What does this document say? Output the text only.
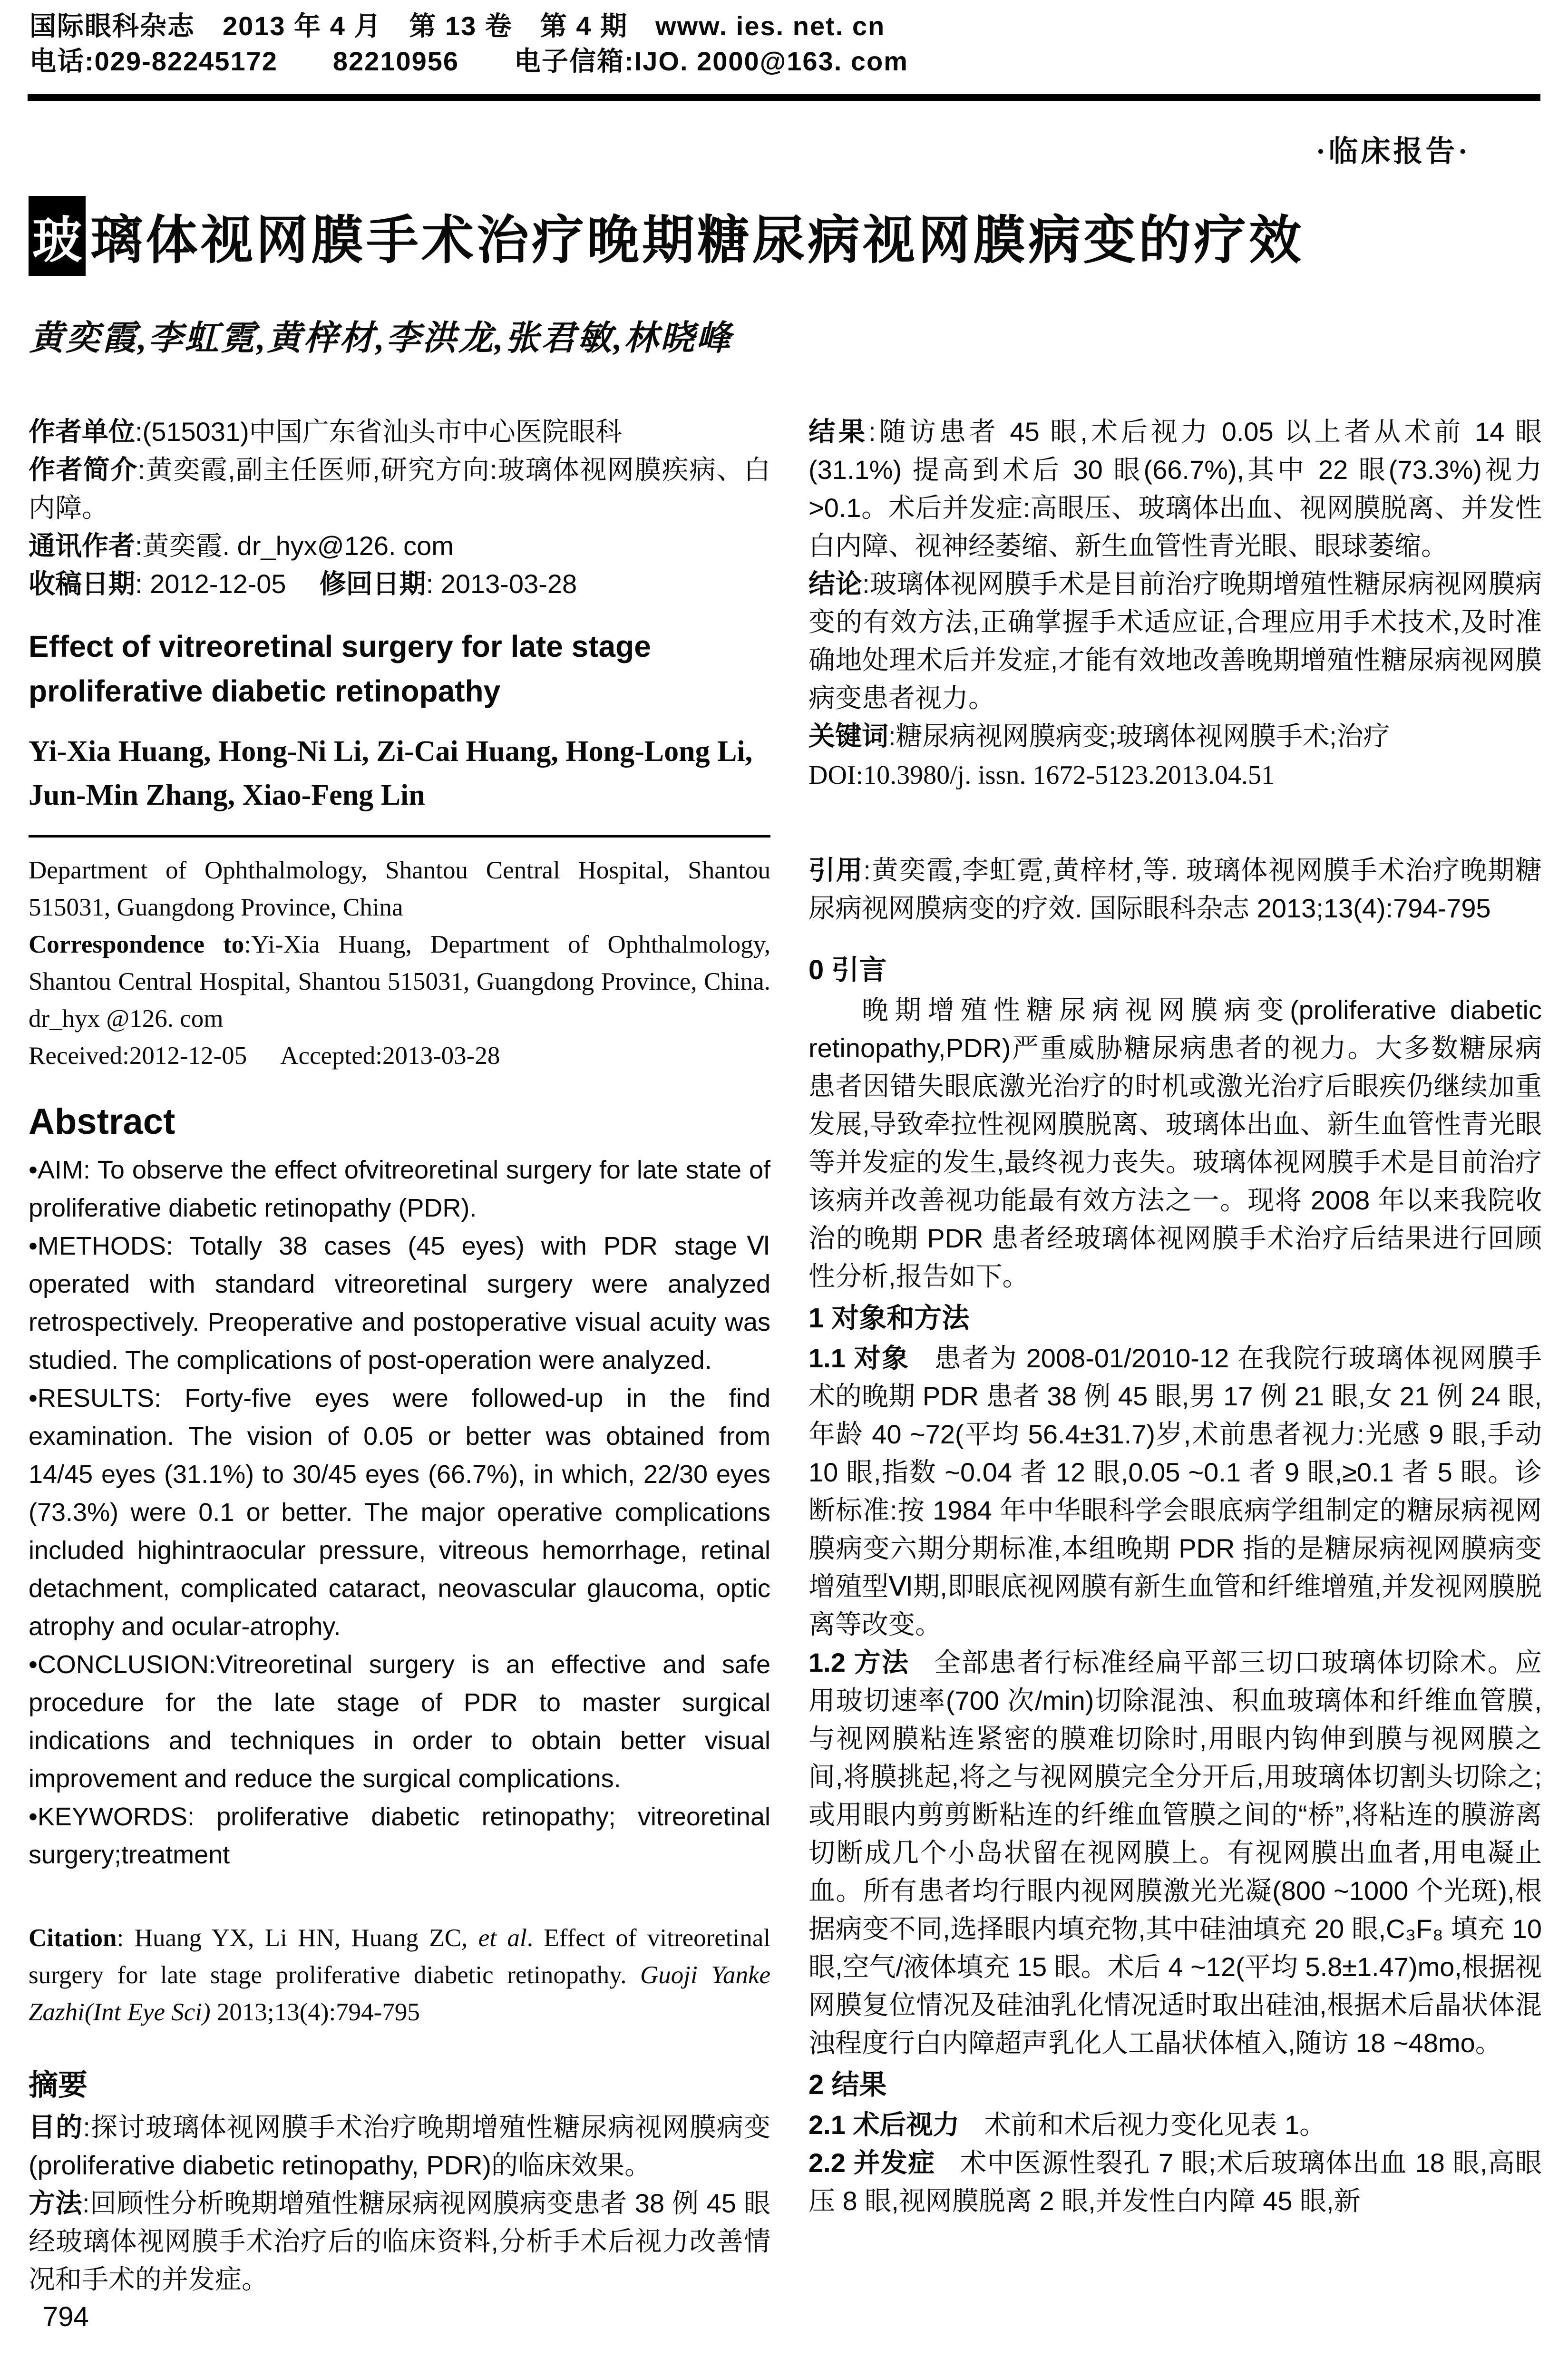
国际眼科杂志　2013 年 4 月　第 13 卷　第 4 期　www. ies. net. cn
电话:029-82245172　　82210956　　电子信箱:IJO. 2000@163. com
·临床报告·
玻 璃体视网膜手术治疗晚期糖尿病视网膜病变的疗效
黄奕霞,李虹霓,黄梓材,李洪龙,张君敏,林晓峰

作者单位:(515031)中国广东省汕头市中心医院眼科

作者简介:黄奕霞,副主任医师,研究方向:玻璃体视网膜疾病、白内障。

通讯作者:黄奕霞. dr_hyx@126. com

收稿日期: 2012-12-05 修回日期: 2013-03-28

Effect of vitreoretinal surgery for late stage proliferative diabetic retinopathy

Yi-Xia Huang, Hong-Ni Li, Zi-Cai Huang, Hong-Long Li, Jun-Min Zhang, Xiao-Feng Lin

Department of Ophthalmology, Shantou Central Hospital, Shantou 515031, Guangdong Province, China

Correspondence to:Yi-Xia Huang, Department of Ophthalmology, Shantou Central Hospital, Shantou 515031, Guangdong Province, China. dr_hyx @126. com

Received:2012-12-05 Accepted:2013-03-28

Abstract

•AIM: To observe the effect ofvitreoretinal surgery for late state of proliferative diabetic retinopathy (PDR).

•METHODS: Totally 38 cases (45 eyes) with PDR stageⅥ operated with standard vitreoretinal surgery were analyzed retrospectively. Preoperative and postoperative visual acuity was studied. The complications of post-operation were analyzed.

•RESULTS: Forty-five eyes were followed-up in the find examination. The vision of 0.05 or better was obtained from 14/45 eyes (31.1%) to 30/45 eyes (66.7%), in which, 22/30 eyes (73.3%) were 0.1 or better. The major operative complications included highintraocular pressure, vitreous hemorrhage, retinal detachment, complicated cataract, neovascular glaucoma, optic atrophy and ocular-atrophy.

•CONCLUSION:Vitreoretinal surgery is an effective and safe procedure for the late stage of PDR to master surgical indications and techniques in order to obtain better visual improvement and reduce the surgical complications.

•KEYWORDS: proliferative diabetic retinopathy; vitreoretinal surgery;treatment

Citation: Huang YX, Li HN, Huang ZC, et al. Effect of vitreoretinal surgery for late stage proliferative diabetic retinopathy. Guoji Yanke Zazhi(Int Eye Sci) 2013;13(4):794-795

摘要

目的:探讨玻璃体视网膜手术治疗晚期增殖性糖尿病视网膜病变(proliferative diabetic retinopathy, PDR)的临床效果。

方法:回顾性分析晚期增殖性糖尿病视网膜病变患者 38 例 45 眼经玻璃体视网膜手术治疗后的临床资料,分析手术后视力改善情况和手术的并发症。

结果:随访患者 45 眼,术后视力 0.05 以上者从术前 14 眼(31.1%) 提高到术后 30 眼(66.7%),其中 22 眼(73.3%)视力>0.1。术后并发症:高眼压、玻璃体出血、视网膜脱离、并发性白内障、视神经萎缩、新生血管性青光眼、眼球萎缩。

结论:玻璃体视网膜手术是目前治疗晚期增殖性糖尿病视网膜病变的有效方法,正确掌握手术适应证,合理应用手术技术,及时准确地处理术后并发症,才能有效地改善晚期增殖性糖尿病视网膜病变患者视力。

关键词:糖尿病视网膜病变;玻璃体视网膜手术;治疗

DOI:10.3980/j. issn. 1672-5123.2013.04.51

引用:黄奕霞,李虹霓,黄梓材,等. 玻璃体视网膜手术治疗晚期糖尿病视网膜病变的疗效. 国际眼科杂志 2013;13(4):794-795

0 引言

晚期增殖性糖尿病视网膜病变(proliferative diabetic retinopathy,PDR)严重威胁糖尿病患者的视力。大多数糖尿病患者因错失眼底激光治疗的时机或激光治疗后眼疾仍继续加重发展,导致牵拉性视网膜脱离、玻璃体出血、新生血管性青光眼等并发症的发生,最终视力丧失。玻璃体视网膜手术是目前治疗该病并改善视功能最有效方法之一。现将 2008 年以来我院收治的晚期 PDR 患者经玻璃体视网膜手术治疗后结果进行回顾性分析,报告如下。

1 对象和方法

1.1 对象 患者为 2008-01/2010-12 在我院行玻璃体视网膜手术的晚期 PDR 患者 38 例 45 眼,男 17 例 21 眼,女 21 例 24 眼,年龄 40 ~72(平均 56.4±31.7)岁,术前患者视力:光感 9 眼,手动 10 眼,指数 ~0.04 者 12 眼,0.05 ~0.1 者 9 眼,≥0.1 者 5 眼。诊断标准:按 1984 年中华眼科学会眼底病学组制定的糖尿病视网膜病变六期分期标准,本组晚期 PDR 指的是糖尿病视网膜病变增殖型Ⅵ期,即眼底视网膜有新生血管和纤维增殖,并发视网膜脱离等改变。

1.2 方法 全部患者行标准经扁平部三切口玻璃体切除术。应用玻切速率(700 次/min)切除混浊、积血玻璃体和纤维血管膜,与视网膜粘连紧密的膜难切除时,用眼内钩伸到膜与视网膜之间,将膜挑起,将之与视网膜完全分开后,用玻璃体切割头切除之;或用眼内剪剪断粘连的纤维血管膜之间的“桥”,将粘连的膜游离切断成几个小岛状留在视网膜上。有视网膜出血者,用电凝止血。所有患者均行眼内视网膜激光光凝(800 ~1000 个光斑),根据病变不同,选择眼内填充物,其中硅油填充 20 眼,C₃F₈ 填充 10 眼,空气/液体填充 15 眼。术后 4 ~12(平均 5.8±1.47)mo,根据视网膜复位情况及硅油乳化情况适时取出硅油,根据术后晶状体混浊程度行白内障超声乳化人工晶状体植入,随访 18 ~48mo。

2 结果

2.1 术后视力 术前和术后视力变化见表 1。

2.2 并发症 术中医源性裂孔 7 眼;术后玻璃体出血 18 眼,高眼压 8 眼,视网膜脱离 2 眼,并发性白内障 45 眼,新

794
